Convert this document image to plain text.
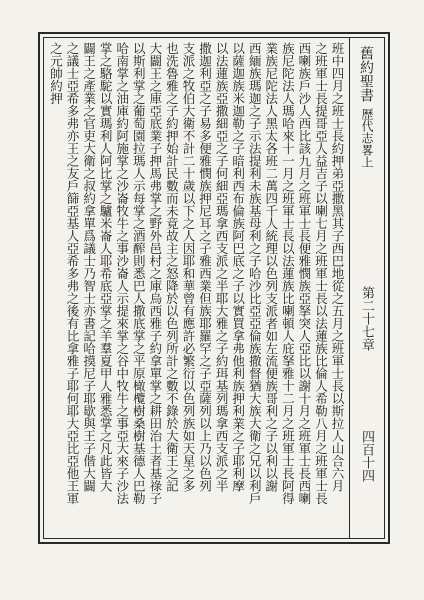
舊約聖書
歷代志畧上
第二十七章
四百十四
班中四月之班士長約押弟亞撒黑其子西巴地從之五月之班軍士長以斯拉人山合六月
之班軍士長提哥亞人益吉子以喇七月之班軍士長以法蓮族比倫人希勒八月之班軍士長
西喇族戶沙人西比該九月之班軍士長便雅憫族亞拏突人亞比以謝十月之班軍士長西喇
族尼陀法人瑪哈來十一月之班軍士長以法蓮族比喇頓人庇拏雅十二月之班軍士長阿得
業族尼陀法人黑太各班二萬四千人統理以色列支派者如左流便族哥利之子以利以謝
西緬族瑪迦之子示法提利未族基母利之子哈沙比亞亞倫族撒督猶大族大衛之兄以利戶
以薩迦族米迦勒之子暗利西布倫族阿巴底之子以實買拿弗他利族押利業之子耶利摩
以法蓮族亞撒細亞之子何細亞瑪拿西支派之半耶大雅之子約珥基列瑪拿西支派之半
撒迦利亞之子易多便雅憫族押尼耳之子雅西業但族耶羅罕之子亞薩列以上乃以色列
支派之牧伯大衛不計二十歲以下之人因耶和華曾有應許必繁衍以色列族如天星之多
也洗魯雅之子約押始計民數而未竟故主之怒降於以色列所計之數不錄於大衛王之記
大闢王之庫亞底業子押馬弗掌之野外邑村之庫烏西雅子約拿單掌之耕田治土者基祿子
以斯利掌之葡萄園拉瑪人示每掌之酒醡則悉巴人撒底掌之平原橄欖樹桑樹基德人巴勒
哈南掌之油庫約阿施掌之沙崙牧牛之事沙崙人示提來掌之谷中牧牛之事亞大來子沙法
掌之駱駝以實瑪利人阿比掌之驢米崙人耶希底亞掌之羊羣夏甲人雅悉掌之凡此皆大
闢王之產業之官吏大衛之叔約拿單爲議士乃智士亦書記哈摸尼子耶歇與王子偕大闢
之議士亞希多弗亦王之友戶篩亞基人亞希多弗之後有比拿雅子耶何耶大亞比亞他王軍
之元帥約押
